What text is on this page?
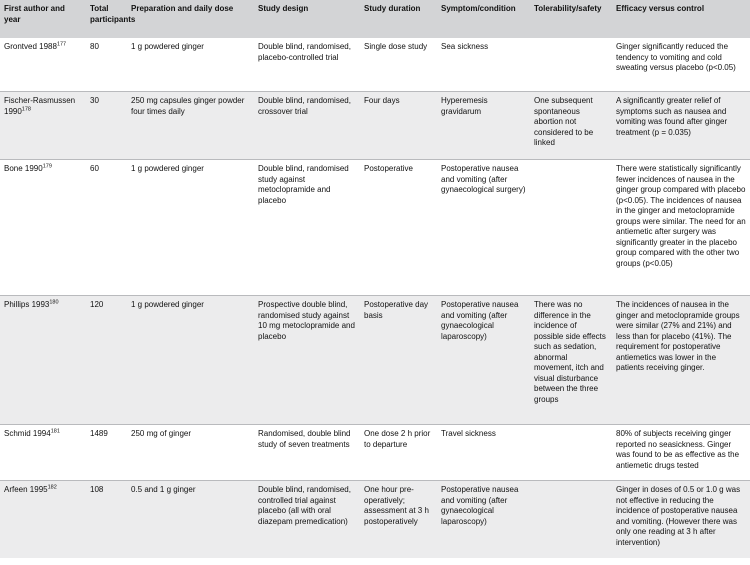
First author and year	Total participants	Preparation and daily dose	Study design	Study duration	Symptom/condition	Tolerability/safety	Efficacy versus control
Grontved 1988$^{177}$	80	1 g powdered ginger	Double blind, randomised, placebo-controlled trial	Single dose study	Sea sickness		Ginger significantly reduced the tendency to vomiting and cold sweating versus placebo (p<0.05)
Fischer-Rasmussen 1990$^{178}$	30	250 mg capsules ginger powder four times daily	Double blind, randomised, crossover trial	Four days	Hyperemesis gravidarum	One subsequent spontaneous abortion not considered to be linked	A significantly greater relief of symptoms such as nausea and vomiting was found after ginger treatment (p = 0.035)
Bone 1990$^{179}$	60	1 g powdered ginger	Double blind, randomised study against metoclopramide and placebo	Postoperative	Postoperative nausea and vomiting (after gynaecological surgery)		There were statistically significantly fewer incidences of nausea in the ginger group compared with placebo (p<0.05). The incidences of nausea in the ginger and metoclopramide groups were similar. The need for an antiemetic after surgery was significantly greater in the placebo group compared with the other two groups (p<0.05)
Phillips 1993$^{180}$	120	1 g powdered ginger	Prospective double blind, randomised study against 10 mg metoclopramide and placebo	Postoperative day basis	Postoperative nausea and vomiting (after gynaecological laparoscopy)	There was no difference in the incidence of possible side effects such as sedation, abnormal movement, itch and visual disturbance between the three groups	The incidences of nausea in the ginger and metoclopramide groups were similar (27% and 21%) and less than for placebo (41%). The requirement for postoperative antiemetics was lower in the patients receiving ginger.
Schmid 1994$^{181}$	1489	250 mg of ginger	Randomised, double blind study of seven treatments	One dose 2 h prior to departure	Travel sickness		80% of subjects receiving ginger reported no seasickness. Ginger was found to be as effective as the antiemetic drugs tested
Arfeen 1995$^{182}$	108	0.5 and 1 g ginger	Double blind, randomised, controlled trial against placebo (all with oral diazepam premedication)	One hour pre-operatively; assessment at 3 h postoperatively	Postoperative nausea and vomiting (after gynaecological laparoscopy)		Ginger in doses of 0.5 or 1.0 g was not effective in reducing the incidence of postoperative nausea and vomiting. (However there was only one reading at 3 h after intervention)
